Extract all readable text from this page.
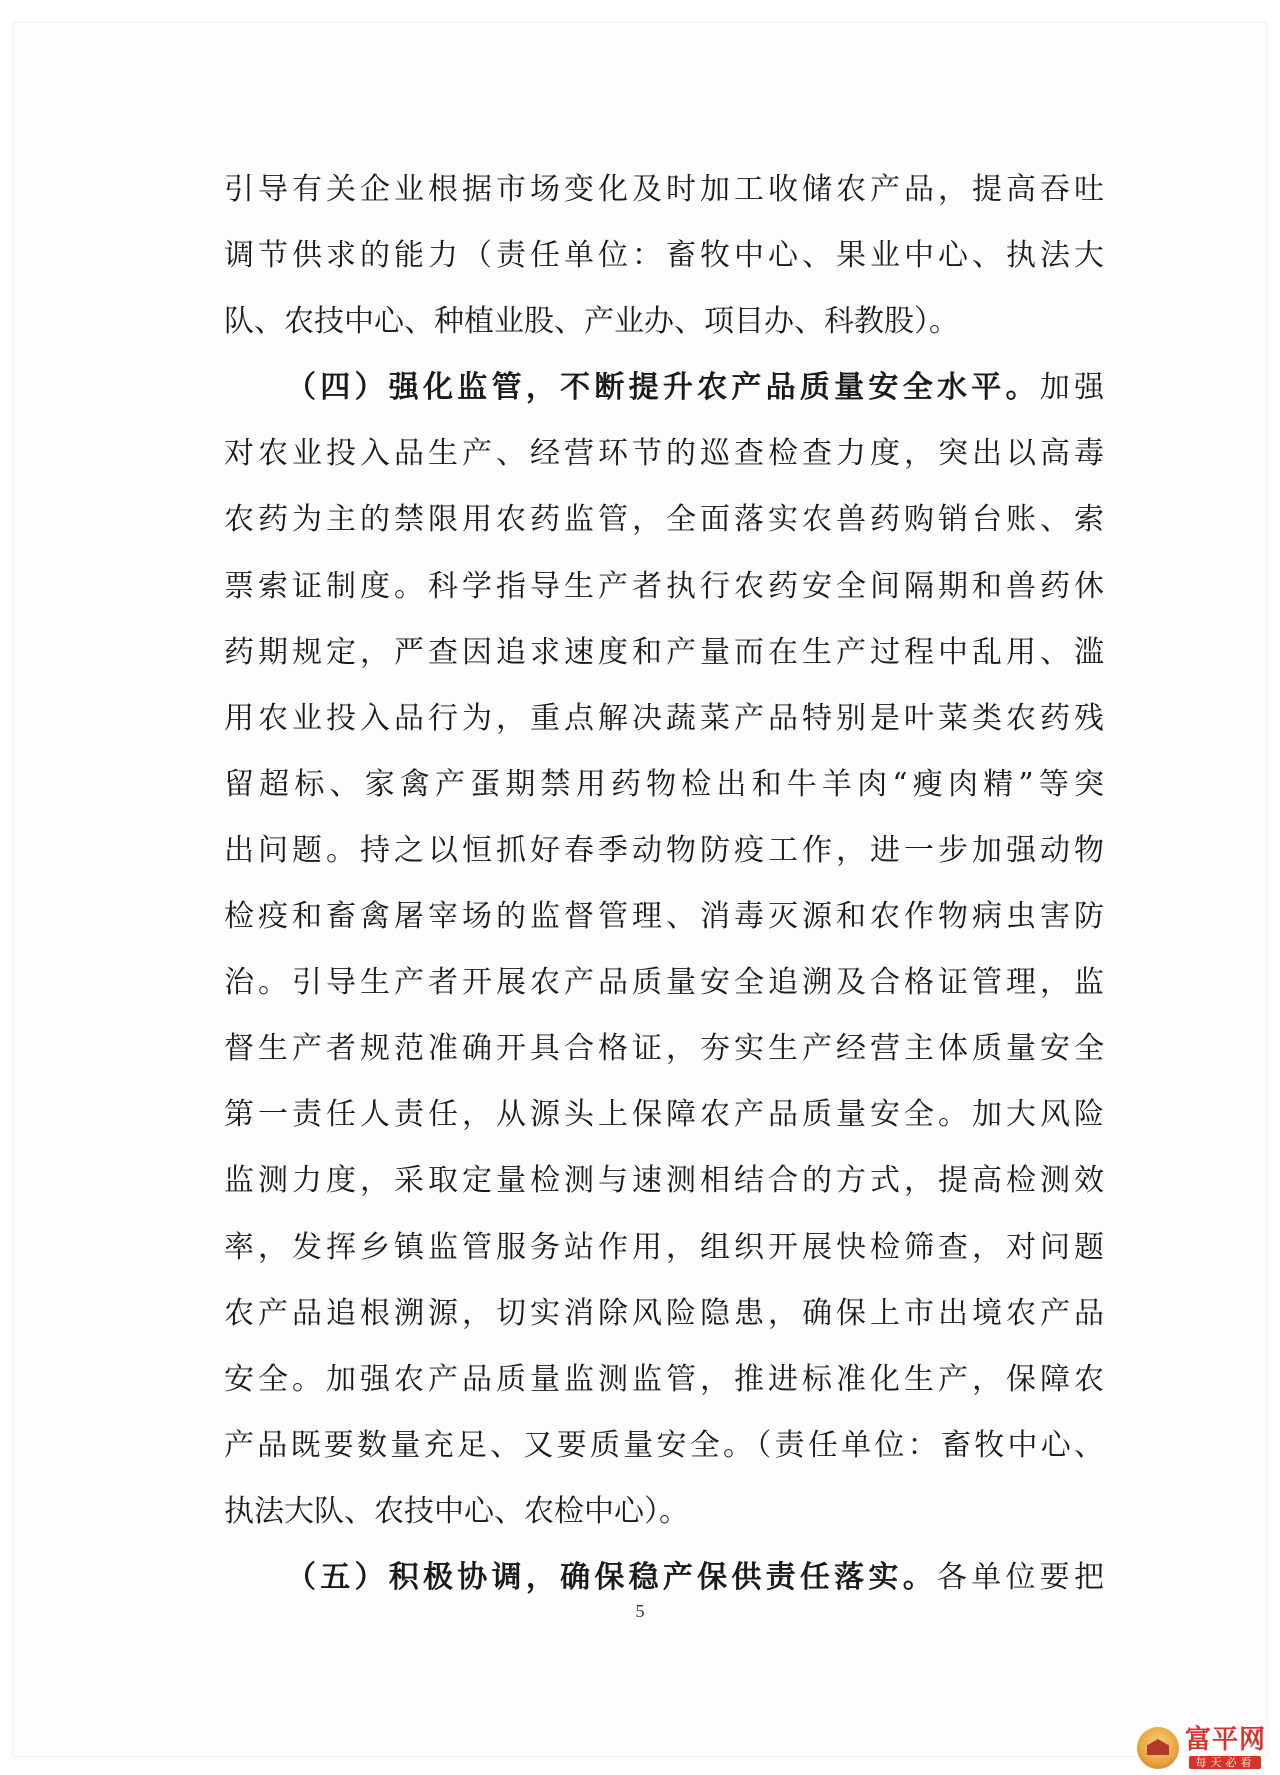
引导有关企业根据市场变化及时加工收储农产品，提高吞吐
调节供求的能力（责任单位：畜牧中心、果业中心、执法大
队、农技中心、种植业股、产业办、项目办、科教股）。
（四）强化监管，不断提升农产品质量安全水平。加强
对农业投入品生产、经营环节的巡查检查力度，突出以高毒
农药为主的禁限用农药监管，全面落实农兽药购销台账、索
票索证制度。科学指导生产者执行农药安全间隔期和兽药休
药期规定，严查因追求速度和产量而在生产过程中乱用、滥
用农业投入品行为，重点解决蔬菜产品特别是叶菜类农药残
留超标、家禽产蛋期禁用药物检出和牛羊肉“瘦肉精”等突
出问题。持之以恒抓好春季动物防疫工作，进一步加强动物
检疫和畜禽屠宰场的监督管理、消毒灭源和农作物病虫害防
治。引导生产者开展农产品质量安全追溯及合格证管理，监
督生产者规范准确开具合格证，夯实生产经营主体质量安全
第一责任人责任，从源头上保障农产品质量安全。加大风险
监测力度，采取定量检测与速测相结合的方式，提高检测效
率，发挥乡镇监管服务站作用，组织开展快检筛查，对问题
农产品追根溯源，切实消除风险隐患，确保上市出境农产品
安全。加强农产品质量监测监管，推进标准化生产，保障农
产品既要数量充足、又要质量安全。（责任单位：畜牧中心、
执法大队、农技中心、农检中心）。
（五）积极协调，确保稳产保供责任落实。各单位要把
5
富平网
每天必看
